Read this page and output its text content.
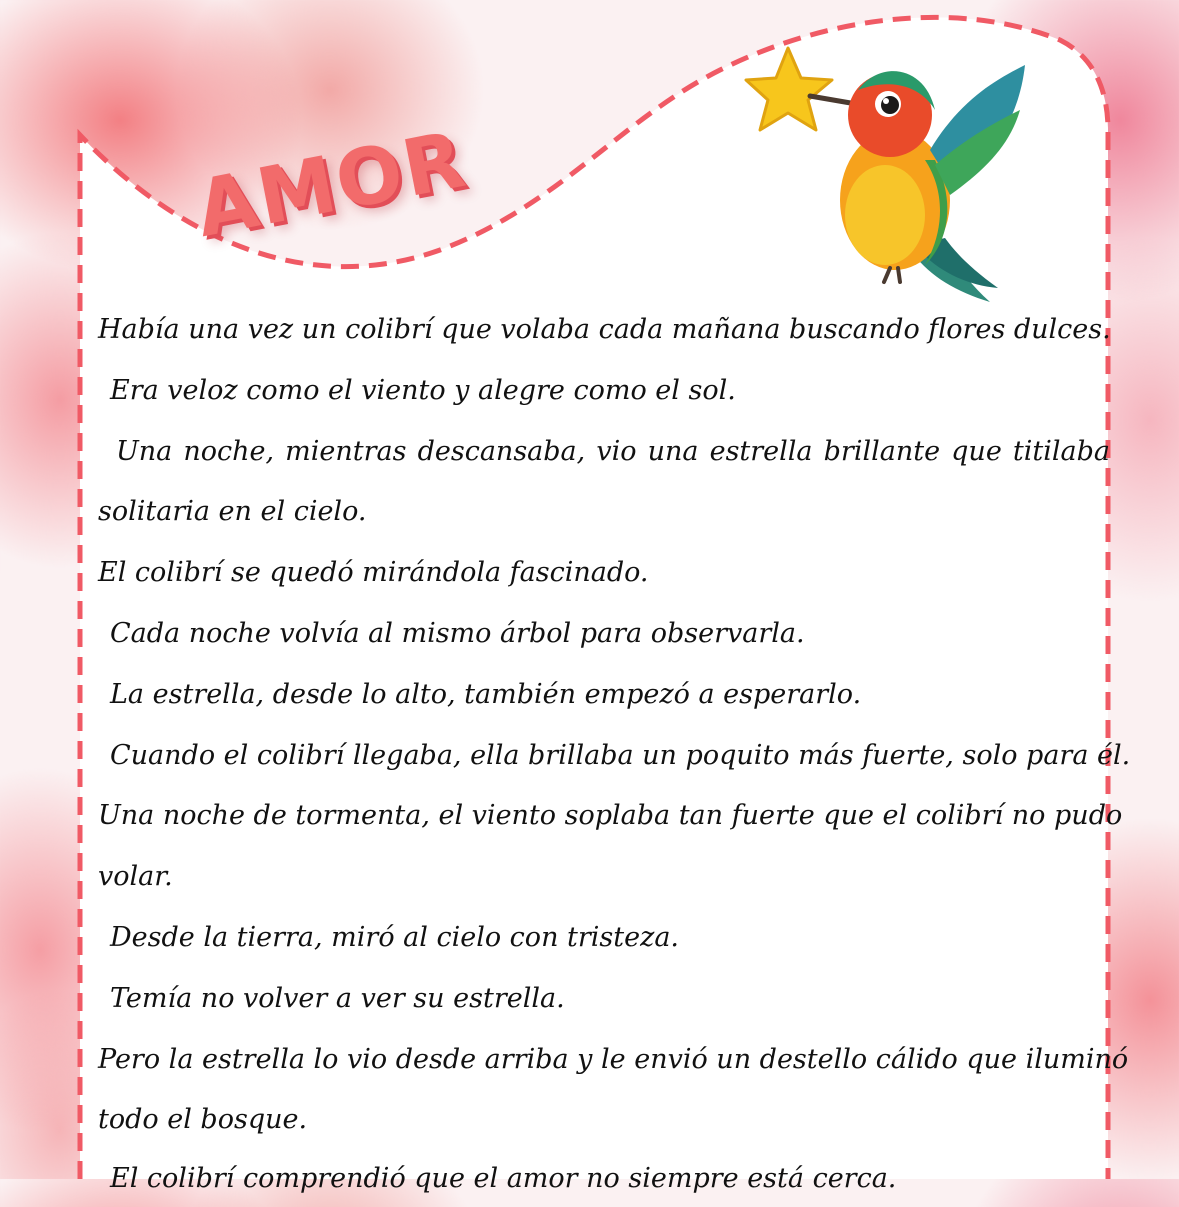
AMOR
Había una vez un colibrí que volaba cada mañana buscando flores dulces.
Era veloz como el viento y alegre como el sol.
Una noche, mientras descansaba, vio una estrella brillante que titilaba
solitaria en el cielo.
El colibrí se quedó mirándola fascinado.
Cada noche volvía al mismo árbol para observarla.
La estrella, desde lo alto, también empezó a esperarlo.
Cuando el colibrí llegaba, ella brillaba un poquito más fuerte, solo para él.
Una noche de tormenta, el viento soplaba tan fuerte que el colibrí no pudo
volar.
Desde la tierra, miró al cielo con tristeza.
Temía no volver a ver su estrella.
Pero la estrella lo vio desde arriba y le envió un destello cálido que iluminó
todo el bosque.
